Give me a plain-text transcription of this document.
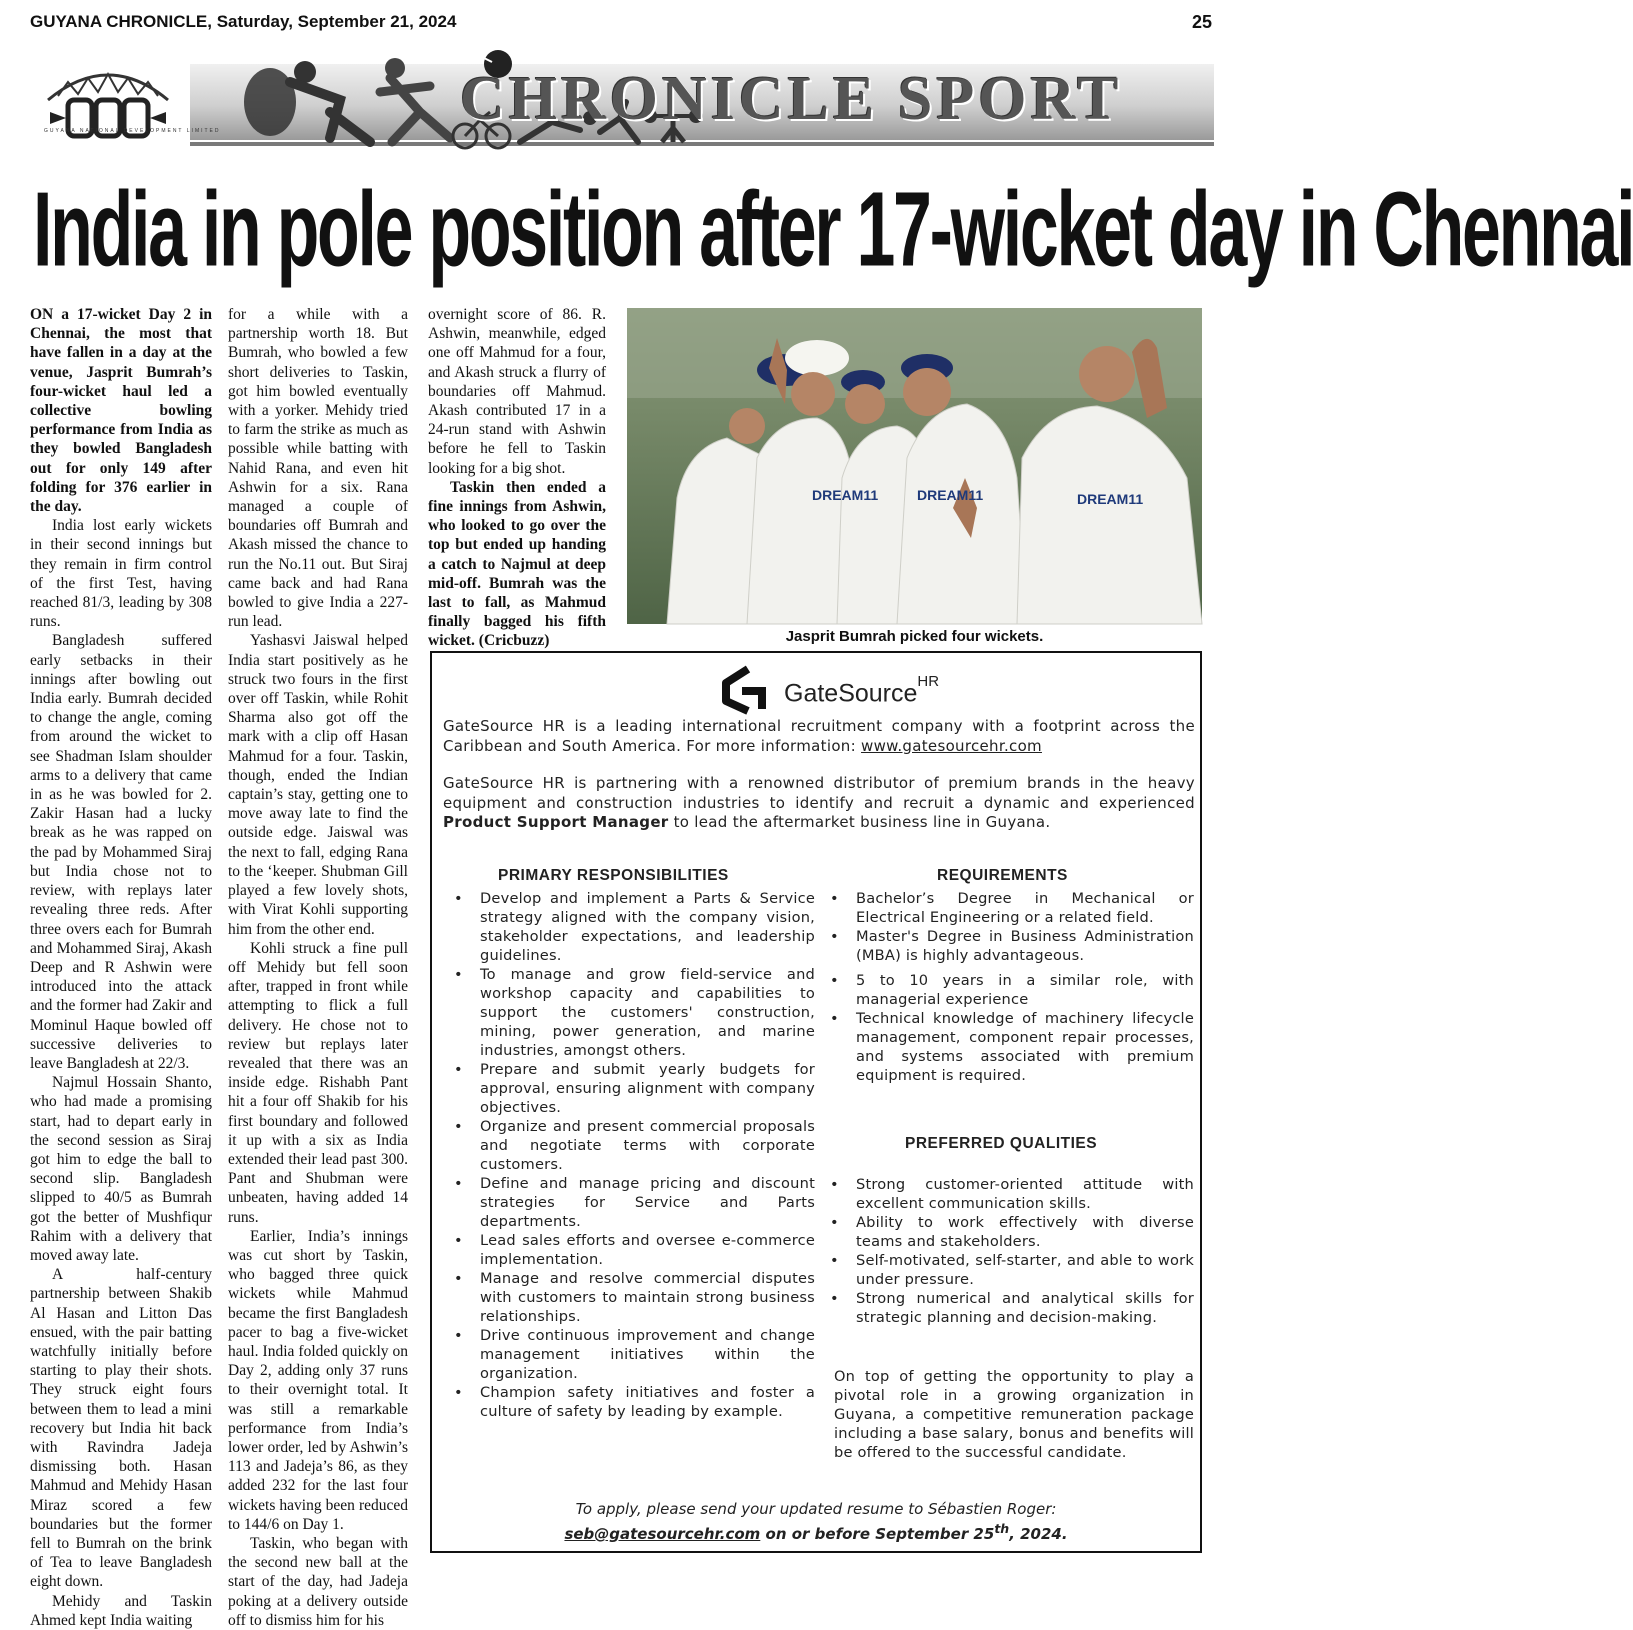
GUYANA CHRONICLE, Saturday, September 21, 2024	25
GUYANA NATIONAL DEVELOPMENT LIMITED	CHRONICLE SPORT
India in pole position after 17-wicket day in Chennai

ON a 17-wicket Day 2 in Chennai, the most that have fallen in a day at the venue, Jasprit Bumrah’s four-wicket haul led a collective bowling performance from India as they bowled Bangladesh out for only 149 after folding for 376 earlier in the day.

India lost early wickets in their second innings but they remain in firm control of the first Test, having reached 81/3, leading by 308 runs.

Bangladesh suffered early setbacks in their innings after bowling out India early. Bumrah decided to change the angle, coming from around the wicket to see Shadman Islam shoulder arms to a delivery that came in as he was bowled for 2. Zakir Hasan had a lucky break as he was rapped on the pad by Mohammed Siraj but India chose not to review, with replays later revealing three reds. After three overs each for Bumrah and Mohammed Siraj, Akash Deep and R Ashwin were introduced into the attack and the former had Zakir and Mominul Haque bowled off successive deliveries to leave Bangladesh at 22/3.

Najmul Hossain Shanto, who had made a promising start, had to depart early in the second session as Siraj got him to edge the ball to second slip. Bangladesh slipped to 40/5 as Bumrah got the better of Mushfiqur Rahim with a delivery that moved away late.

A half-century partnership between Shakib Al Hasan and Litton Das ensued, with the pair batting watchfully initially before starting to play their shots. They struck eight fours between them to lead a mini recovery but India hit back with Ravindra Jadeja dismissing both. Hasan Mahmud and Mehidy Hasan Miraz scored a few boundaries but the former fell to Bumrah on the brink of Tea to leave Bangladesh eight down.

Mehidy and Taskin Ahmed kept India waiting

for a while with a partnership worth 18. But Bumrah, who bowled a few short deliveries to Taskin, got him bowled eventually with a yorker. Mehidy tried to farm the strike as much as possible while batting with Nahid Rana, and even hit Ashwin for a six. Rana managed a couple of boundaries off Bumrah and Akash missed the chance to run the No.11 out. But Siraj came back and had Rana bowled to give India a 227-run lead.

Yashasvi Jaiswal helped India start positively as he struck two fours in the first over off Taskin, while Rohit Sharma also got off the mark with a clip off Hasan Mahmud for a four. Taskin, though, ended the Indian captain’s stay, getting one to move away late to find the outside edge. Jaiswal was the next to fall, edging Rana to the ‘keeper. Shubman Gill played a few lovely shots, with Virat Kohli supporting him from the other end.

Kohli struck a fine pull off Mehidy but fell soon after, trapped in front while attempting to flick a full delivery. He chose not to review but replays later revealed that there was an inside edge. Rishabh Pant hit a four off Shakib for his first boundary and followed it up with a six as India extended their lead past 300. Pant and Shubman were unbeaten, having added 14 runs.

Earlier, India’s innings was cut short by Taskin, who bagged three quick wickets while Mahmud became the first Bangladesh pacer to bag a five-wicket haul. India folded quickly on Day 2, adding only 37 runs to their overnight total. It was still a remarkable performance from India’s lower order, led by Ashwin’s 113 and Jadeja’s 86, as they added 232 for the last four wickets having been reduced to 144/6 on Day 1.

Taskin, who began with the second new ball at the start of the day, had Jadeja poking at a delivery outside off to dismiss him for his

overnight score of 86. R. Ashwin, meanwhile, edged one off Mahmud for a four, and Akash struck a flurry of boundaries off Mahmud. Akash contributed 17 in a 24-run stand with Ashwin before he fell to Taskin looking for a big shot.

Taskin then ended a fine innings from Ashwin, who looked to go over the top but ended up handing a catch to Najmul at deep mid-off. Bumrah was the last to fall, as Mahmud finally bagged his fifth wicket. (Cricbuzz)

DREAM11	DREAM11	DREAM11
Jasprit Bumrah picked four wickets.
GateSource$^{HR}$

GateSource HR is a leading international recruitment company with a footprint across the Caribbean and South America. For more information: www.gatesourcehr.com

GateSource HR is partnering with a renowned distributor of premium brands in the heavy equipment and construction industries to identify and recruit a dynamic and experienced Product Support Manager to lead the aftermarket business line in Guyana.

PRIMARY RESPONSIBILITIES
• Develop and implement a Parts & Service strategy aligned with the company vision, stakeholder expectations, and leadership guidelines.
• To manage and grow field-service and workshop capacity and capabilities to support the customers' construction, mining, power generation, and marine industries, amongst others.
• Prepare and submit yearly budgets for approval, ensuring alignment with company objectives.
• Organize and present commercial proposals and negotiate terms with corporate customers.
• Define and manage pricing and discount strategies for Service and Parts departments.
• Lead sales efforts and oversee e-commerce implementation.
• Manage and resolve commercial disputes with customers to maintain strong business relationships.
• Drive continuous improvement and change management initiatives within the organization.
• Champion safety initiatives and foster a culture of safety by leading by example.
REQUIREMENTS
• Bachelor’s Degree in Mechanical or Electrical Engineering or a related field.
• Master's Degree in Business Administration (MBA) is highly advantageous.
• 5 to 10 years in a similar role, with managerial experience
• Technical knowledge of machinery lifecycle management, component repair processes, and systems associated with premium equipment is required.
PREFERRED QUALITIES
• Strong customer-oriented attitude with excellent communication skills.
• Ability to work effectively with diverse teams and stakeholders.
• Self-motivated, self-starter, and able to work under pressure.
• Strong numerical and analytical skills for strategic planning and decision-making.

On top of getting the opportunity to play a pivotal role in a growing organization in Guyana, a competitive remuneration package including a base salary, bonus and benefits will be offered to the successful candidate.

To apply, please send your updated resume to Sébastien Roger:
seb@gatesourcehr.com on or before September 25th, 2024.
